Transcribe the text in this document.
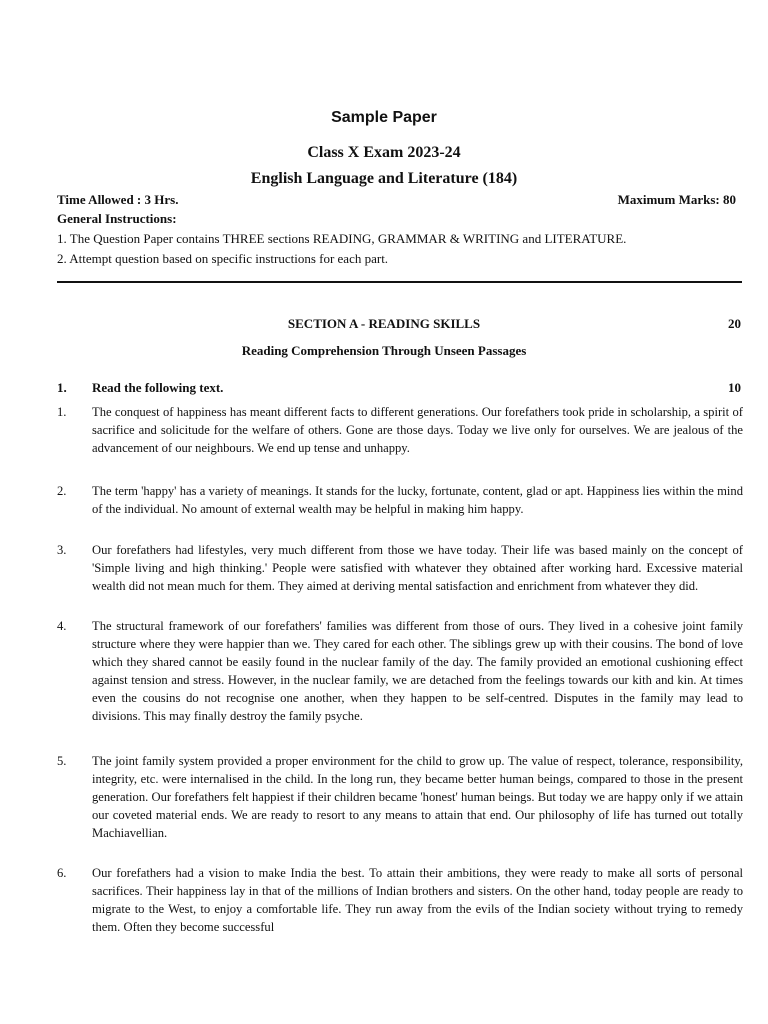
Sample Paper
Class X Exam 2023-24
English Language and Literature (184)
Time Allowed : 3 Hrs.	Maximum Marks: 80
General Instructions:
1. The Question Paper contains THREE sections READING, GRAMMAR & WRITING and LITERATURE.
2. Attempt question based on specific instructions for each part.
SECTION A - READING SKILLS	20
Reading Comprehension Through Unseen Passages
1. Read the following text.	10
1.	The conquest of happiness has meant different facts to different generations. Our forefathers took pride in scholarship, a spirit of sacrifice and solicitude for the welfare of others. Gone are those days. Today we live only for ourselves. We are jealous of the advancement of our neighbours. We end up tense and unhappy.
2.	The term 'happy' has a variety of meanings. It stands for the lucky, fortunate, content, glad or apt. Happiness lies within the mind of the individual. No amount of external wealth may be helpful in making him happy.
3.	Our forefathers had lifestyles, very much different from those we have today. Their life was based mainly on the concept of 'Simple living and high thinking.' People were satisfied with whatever they obtained after working hard. Excessive material wealth did not mean much for them. They aimed at deriving mental satisfaction and enrichment from whatever they did.
4.	The structural framework of our forefathers' families was different from those of ours. They lived in a cohesive joint family structure where they were happier than we. They cared for each other. The siblings grew up with their cousins. The bond of love which they shared cannot be easily found in the nuclear family of the day. The family provided an emotional cushioning effect against tension and stress. However, in the nuclear family, we are detached from the feelings towards our kith and kin. At times even the cousins do not recognise one another, when they happen to be self-centred. Disputes in the family may lead to divisions. This may finally destroy the family psyche.
5.	The joint family system provided a proper environment for the child to grow up. The value of respect, tolerance, responsibility, integrity, etc. were internalised in the child. In the long run, they became better human beings, compared to those in the present generation. Our forefathers felt happiest if their children became 'honest' human beings. But today we are happy only if we attain our coveted material ends. We are ready to resort to any means to attain that end. Our philosophy of life has turned out totally Machiavellian.
6.	Our forefathers had a vision to make India the best. To attain their ambitions, they were ready to make all sorts of personal sacrifices. Their happiness lay in that of the millions of Indian brothers and sisters. On the other hand, today people are ready to migrate to the West, to enjoy a comfortable life. They run away from the evils of the Indian society without trying to remedy them. Often they become successful
